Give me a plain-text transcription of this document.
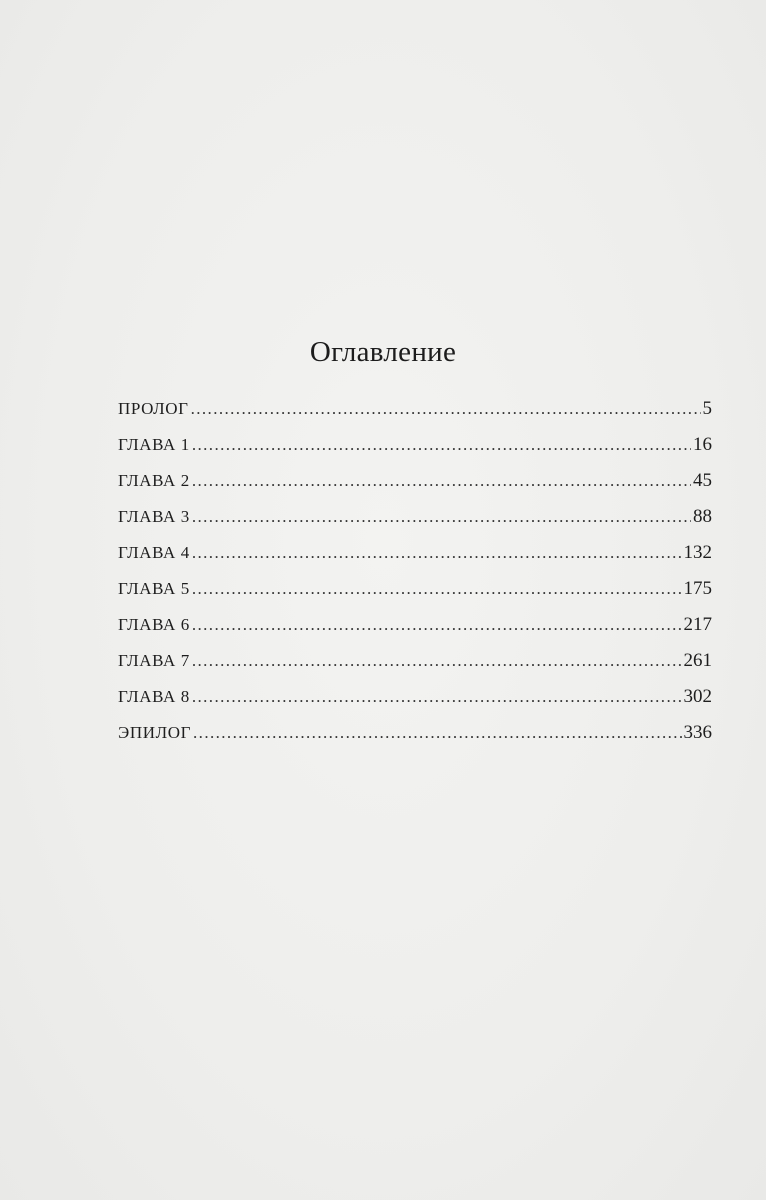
Оглавление
ПРОЛОГ .....	5
ГЛАВА 1 .....	16
ГЛАВА 2 .....	45
ГЛАВА 3 .....	88
ГЛАВА 4 .....	132
ГЛАВА 5 .....	175
ГЛАВА 6 .....	217
ГЛАВА 7 .....	261
ГЛАВА 8 .....	302
ЭПИЛОГ .....	336
